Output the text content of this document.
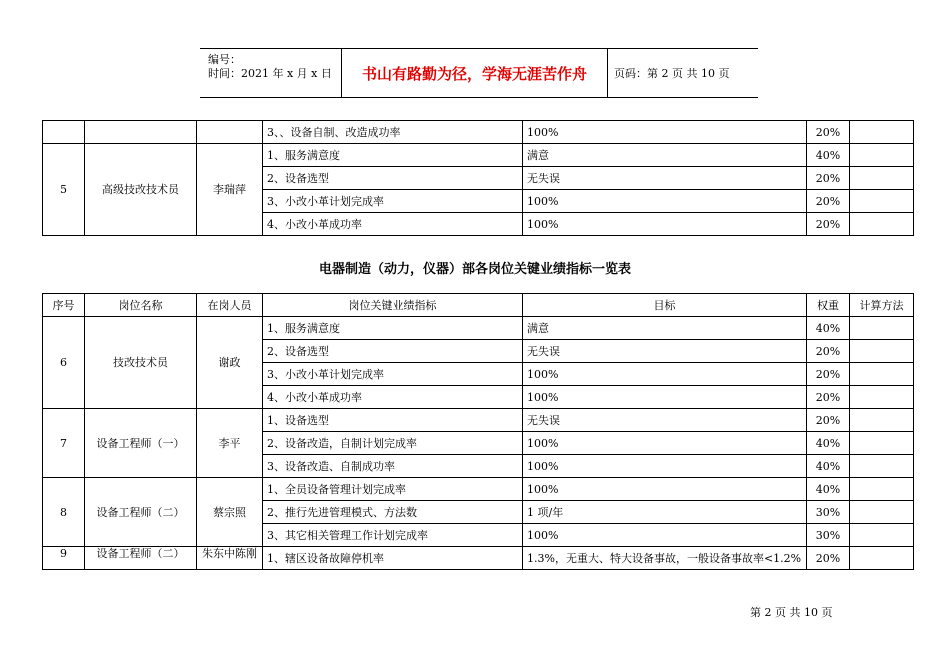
编号：
时间：2021 年 x 月 x 日	书山有路勤为径，学海无涯苦作舟	页码：第 2 页 共 10 页
			3、、设备自制、改造成功率	100%	20%	
5	高级技改技术员	李瑞萍	1、服务满意度	满意	40%	
			2、设备选型	无失误	20%	
			3、小改小革计划完成率	100%	20%	
			4、小改小革成功率	100%	20%	
电器制造（动力，仪器）部各岗位关键业绩指标一览表
序号	岗位名称	在岗人员	岗位关键业绩指标	目标	权重	计算方法
6	技改技术员	谢政	1、服务满意度	满意	40%	
			2、设备选型	无失误	20%	
			3、小改小革计划完成率	100%	20%	
			4、小改小革成功率	100%	20%	
7	设备工程师（一）	李平	1、设备选型	无失误	20%	
			2、设备改造，自制计划完成率	100%	40%	
			3、设备改造、自制成功率	100%	40%	
8	设备工程师（二）	蔡宗照	1、全员设备管理计划完成率	100%	40%	
			2、推行先进管理模式、方法数	1 项/年	30%	
			3、其它相关管理工作计划完成率	100%	30%	
9	设备工程师（二）	朱东中陈刚	1、辖区设备故障停机率	1.3%，无重大、特大设备事故，一般设备事故率<1.2%	20%	
第 2 页 共 10 页
